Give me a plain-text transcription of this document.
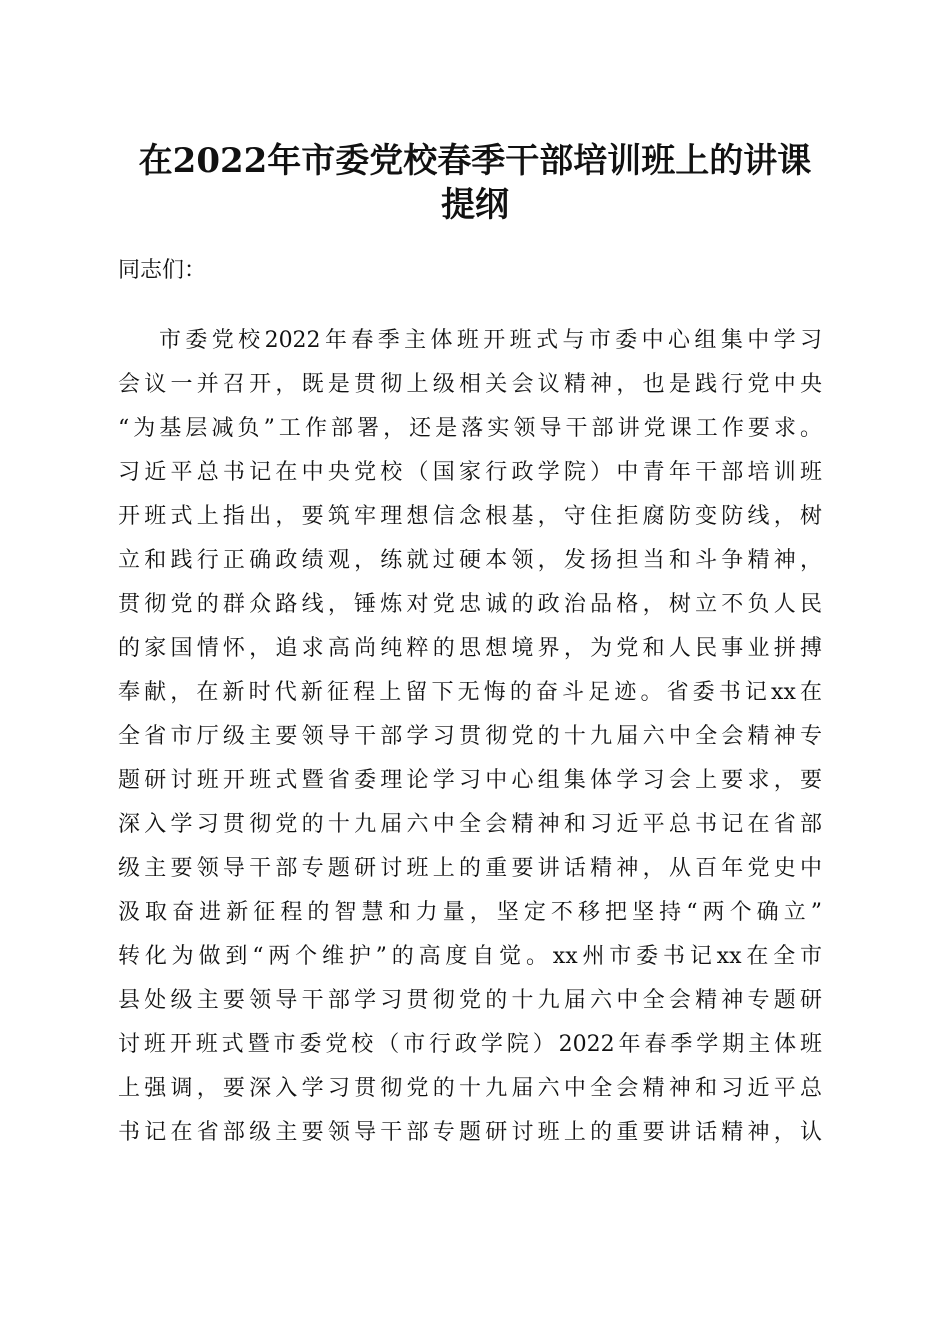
在2022年市委党校春季干部培训班上的讲课
提纲

同志们：

市委党校2022年春季主体班开班式与市委中心组集中学习

会议一并召开，既是贯彻上级相关会议精神，也是践行党中央

“为基层减负”工作部署，还是落实领导干部讲党课工作要求。

习近平总书记在中央党校（国家行政学院）中青年干部培训班

开班式上指出，要筑牢理想信念根基，守住拒腐防变防线，树

立和践行正确政绩观，练就过硬本领，发扬担当和斗争精神，

贯彻党的群众路线，锤炼对党忠诚的政治品格，树立不负人民

的家国情怀，追求高尚纯粹的思想境界，为党和人民事业拼搏

奉献，在新时代新征程上留下无悔的奋斗足迹。省委书记xx在

全省市厅级主要领导干部学习贯彻党的十九届六中全会精神专

题研讨班开班式暨省委理论学习中心组集体学习会上要求，要

深入学习贯彻党的十九届六中全会精神和习近平总书记在省部

级主要领导干部专题研讨班上的重要讲话精神，从百年党史中

汲取奋进新征程的智慧和力量，坚定不移把坚持“两个确立”

转化为做到“两个维护”的高度自觉。xx州市委书记xx在全市

县处级主要领导干部学习贯彻党的十九届六中全会精神专题研

讨班开班式暨市委党校（市行政学院）2022年春季学期主体班

上强调，要深入学习贯彻党的十九届六中全会精神和习近平总

书记在省部级主要领导干部专题研讨班上的重要讲话精神，认
